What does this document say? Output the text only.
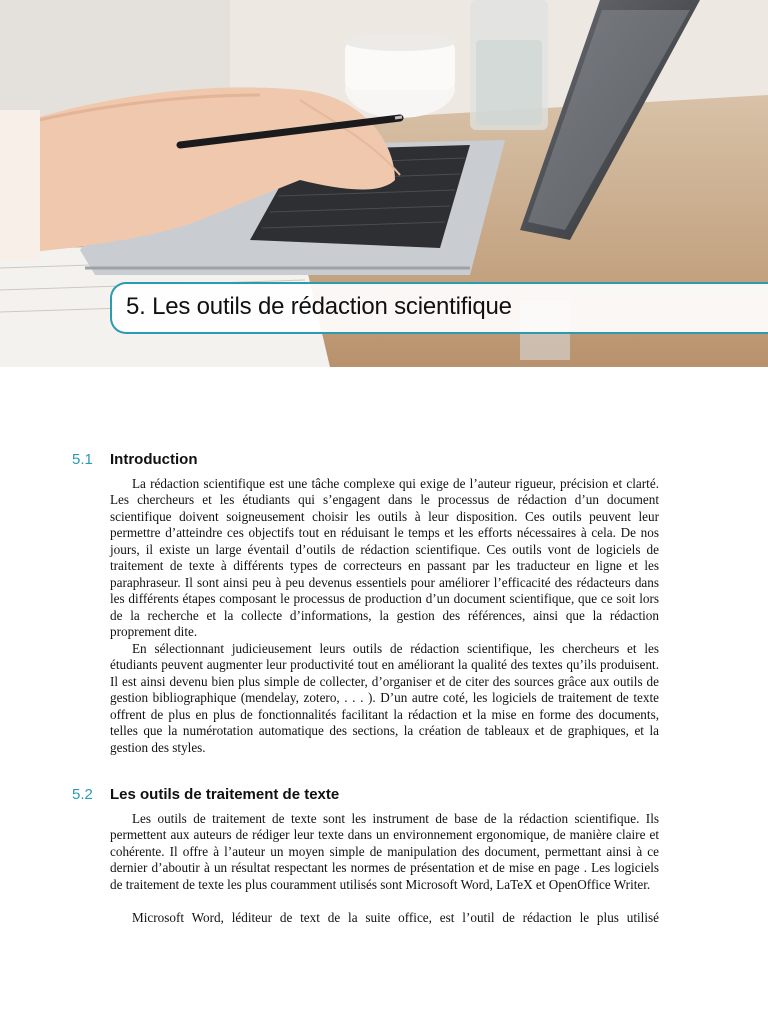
5. Les outils de rédaction scientifique
5.1 Introduction

La rédaction scientifique est une tâche complexe qui exige de l’auteur rigueur, précision et clarté. Les chercheurs et les étudiants qui s’engagent dans le processus de rédaction d’un document scientifique doivent soigneusement choisir les outils à leur disposition. Ces outils peuvent leur permettre d’atteindre ces objectifs tout en réduisant le temps et les efforts nécessaires à cela. De nos jours, il existe un large éventail d’outils de rédaction scientifique. Ces outils vont de logiciels de traitement de texte à différents types de correcteurs en passant par les traducteur en ligne et les paraphraseur. Il sont ainsi peu à peu devenus essentiels pour améliorer l’efficacité des rédacteurs dans les différents étapes composant le processus de production d’un document scientifique, que ce soit lors de la recherche et la collecte d’informations, la gestion des références, ainsi que la rédaction proprement dite.

En sélectionnant judicieusement leurs outils de rédaction scientifique, les chercheurs et les étudiants peuvent augmenter leur productivité tout en améliorant la qualité des textes qu’ils produisent. Il est ainsi devenu bien plus simple de collecter, d’organiser et de citer des sources grâce aux outils de gestion bibliographique (mendelay, zotero, . . . ). D’un autre coté, les logiciels de traitement de texte offrent de plus en plus de fonctionnalités facilitant la rédaction et la mise en forme des documents, telles que la numérotation automatique des sections, la création de tableaux et de graphiques, et la gestion des styles.

5.2 Les outils de traitement de texte

Les outils de traitement de texte sont les instrument de base de la rédaction scientifique. Ils permettent aux auteurs de rédiger leur texte dans un environnement ergonomique, de manière claire et cohérente. Il offre à l’auteur un moyen simple de manipulation des document, permettant ainsi à ce dernier d’aboutir à un résultat respectant les normes de présentation et de mise en page . Les logiciels de traitement de texte les plus couramment utilisés sont Microsoft Word, LaTeX et OpenOffice Writer.

Microsoft Word, léditeur de text de la suite office, est l’outil de rédaction le plus utilisé
